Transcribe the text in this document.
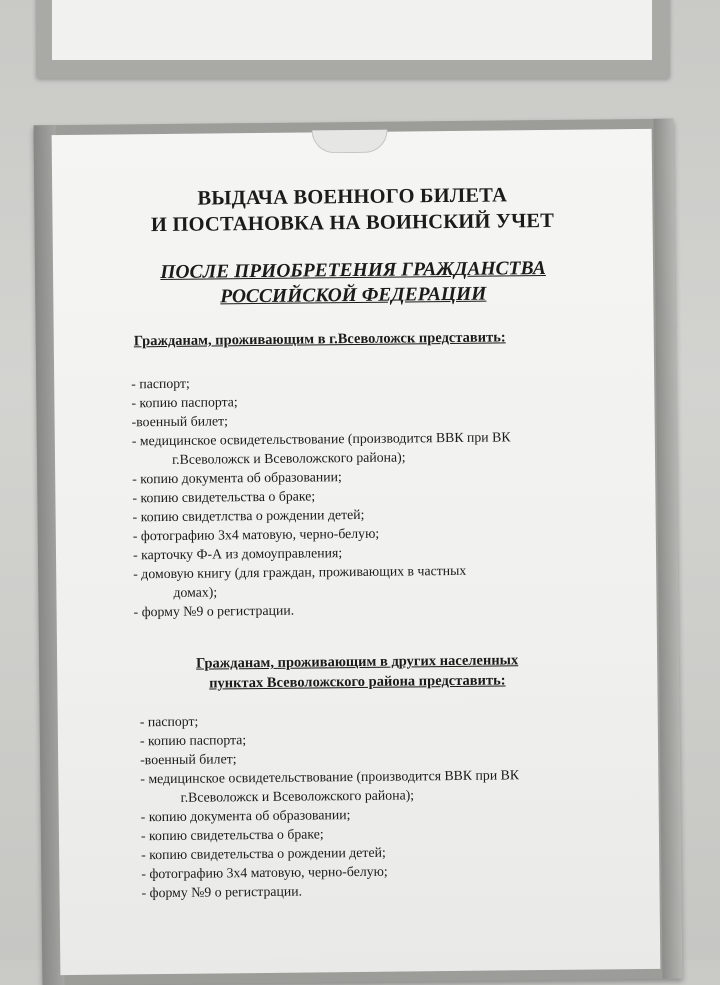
ВЫДАЧА ВОЕННОГО БИЛЕТА
И ПОСТАНОВКА НА ВОИНСКИЙ УЧЕТ
ПОСЛЕ ПРИОБРЕТЕНИЯ ГРАЖДАНСТВА
РОССИЙСКОЙ ФЕДЕРАЦИИ
Гражданам, проживающим в г.Всеволожск представить:
- паспорт;
- копию паспорта;
-военный билет;
- медицинское освидетельствование (производится ВВК при ВК
г.Всеволожск и Всеволожского района);
- копию документа об образовании;
- копию свидетельства о браке;
- копию свидетлства о рождении детей;
- фотографию 3х4 матовую, черно-белую;
- карточку Ф-А из домоуправления;
- домовую книгу (для граждан, проживающих в частных
домах);
- форму №9 о регистрации.
Гражданам, проживающим в других населенных
пунктах Всеволожского района представить:
- паспорт;
- копию паспорта;
-военный билет;
- медицинское освидетельствование (производится ВВК при ВК
г.Всеволожск и Всеволожского района);
- копию документа об образовании;
- копию свидетельства о браке;
- копию свидетельства о рождении детей;
- фотографию 3х4 матовую, черно-белую;
- форму №9 о регистрации.
